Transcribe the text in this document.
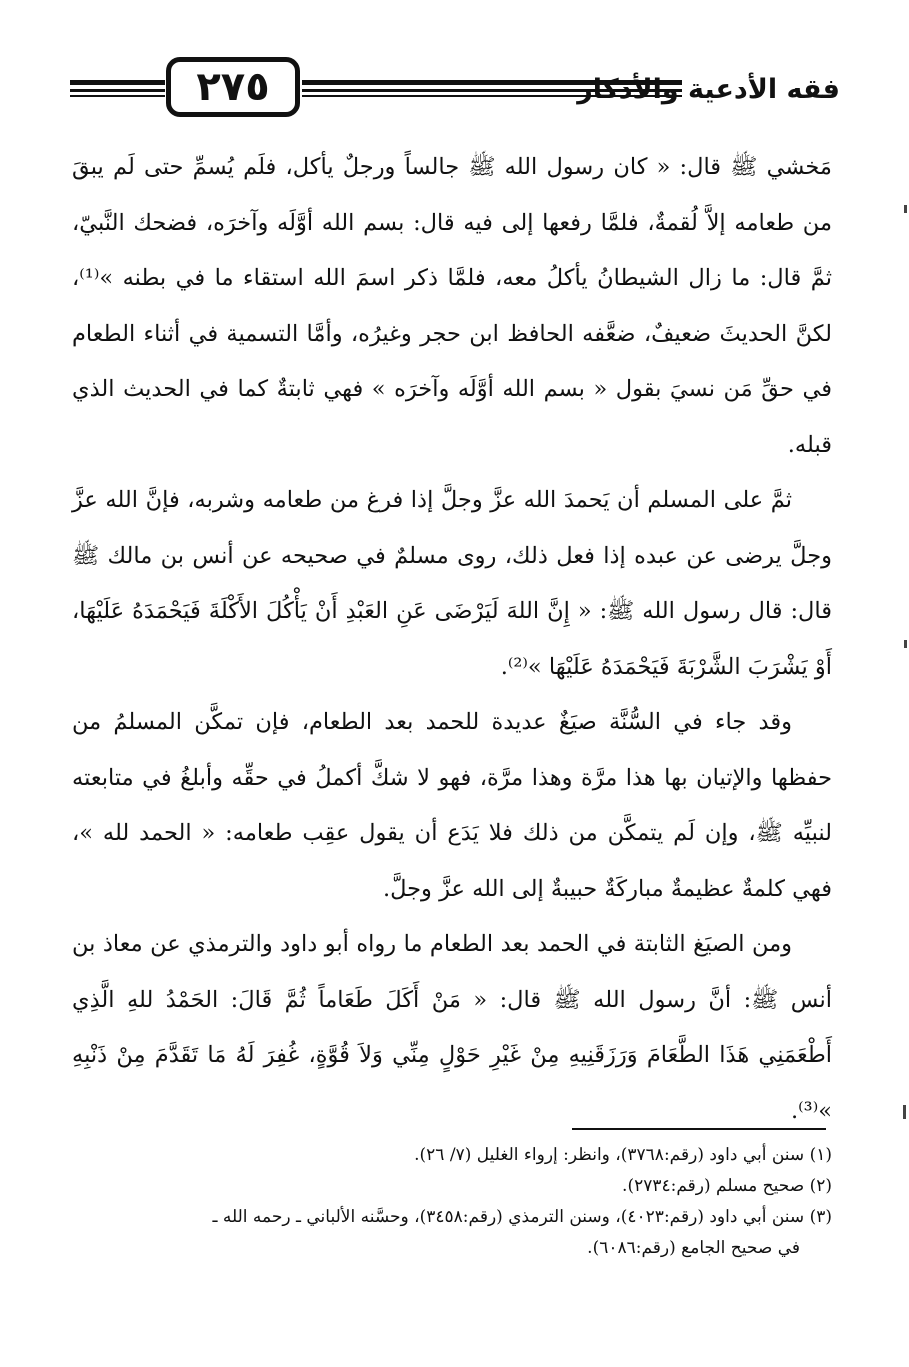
٢٧٥	فقه الأدعية والأذكار

مَخشي ﷺ قال: « كان رسول الله ﷺ جالساً ورجلٌ يأكل، فلَم يُسمِّ حتى لَم يبقَ من طعامه إلاَّ لُقمةٌ، فلمَّا رفعها إلى فيه قال: بسم الله أوَّلَه وآخرَه، فضحك النَّبيّ، ثمَّ قال: ما زال الشيطانُ يأكلُ معه، فلمَّا ذكر اسمَ الله استقاء ما في بطنه »⁽¹⁾، لكنَّ الحديثَ ضعيفٌ، ضعَّفه الحافظ ابن حجر وغيرُه، وأمَّا التسمية في أثناء الطعام في حقِّ مَن نسيَ بقول « بسم الله أوَّلَه وآخرَه » فهي ثابتةٌ كما في الحديث الذي قبله.

ثمَّ على المسلم أن يَحمدَ الله عزَّ وجلَّ إذا فرغ من طعامه وشربه، فإنَّ الله عزَّ وجلَّ يرضى عن عبده إذا فعل ذلك، روى مسلمٌ في صحيحه عن أنس بن مالك ﷺ قال: قال رسول الله ﷺ: « إِنَّ اللهَ لَيَرْضَى عَنِ العَبْدِ أَنْ يَأْكُلَ الأَكْلَةَ فَيَحْمَدَهُ عَلَيْهَا، أَوْ يَشْرَبَ الشَّرْبَةَ فَيَحْمَدَهُ عَلَيْهَا »⁽²⁾.

وقد جاء في السُّنَّة صيَغٌ عديدة للحمد بعد الطعام، فإن تمكَّن المسلمُ من حفظها والإتيان بها هذا مرَّة وهذا مرَّة، فهو لا شكَّ أكملُ في حقِّه وأبلغُ في متابعته لنبيِّه ﷺ، وإن لَم يتمكَّن من ذلك فلا يَدَع أن يقول عقِب طعامه: « الحمد لله »، فهي كلمةٌ عظيمةٌ مباركَةٌ حبيبةٌ إلى الله عزَّ وجلَّ.

ومن الصيَغ الثابتة في الحمد بعد الطعام ما رواه أبو داود والترمذي عن معاذ بن أنس ﷺ: أنَّ رسول الله ﷺ قال: « مَنْ أَكَلَ طَعَاماً ثُمَّ قَالَ: الحَمْدُ للهِ الَّذِي أَطْعَمَنِي هَذَا الطَّعَامَ وَرَزَقَنِيهِ مِنْ غَيْرِ حَوْلٍ مِنِّي وَلاَ قُوَّةٍ، غُفِرَ لَهُ مَا تَقَدَّمَ مِنْ ذَنْبِهِ »⁽³⁾.

(١) سنن أبي داود (رقم:٣٧٦٨)، وانظر: إرواء الغليل (٧/ ٢٦).

(٢) صحيح مسلم (رقم:٢٧٣٤).

(٣) سنن أبي داود (رقم:٤٠٢٣)، وسنن الترمذي (رقم:٣٤٥٨)، وحسَّنه الألباني ـ رحمه الله ـ
في صحيح الجامع (رقم:٦٠٨٦).
